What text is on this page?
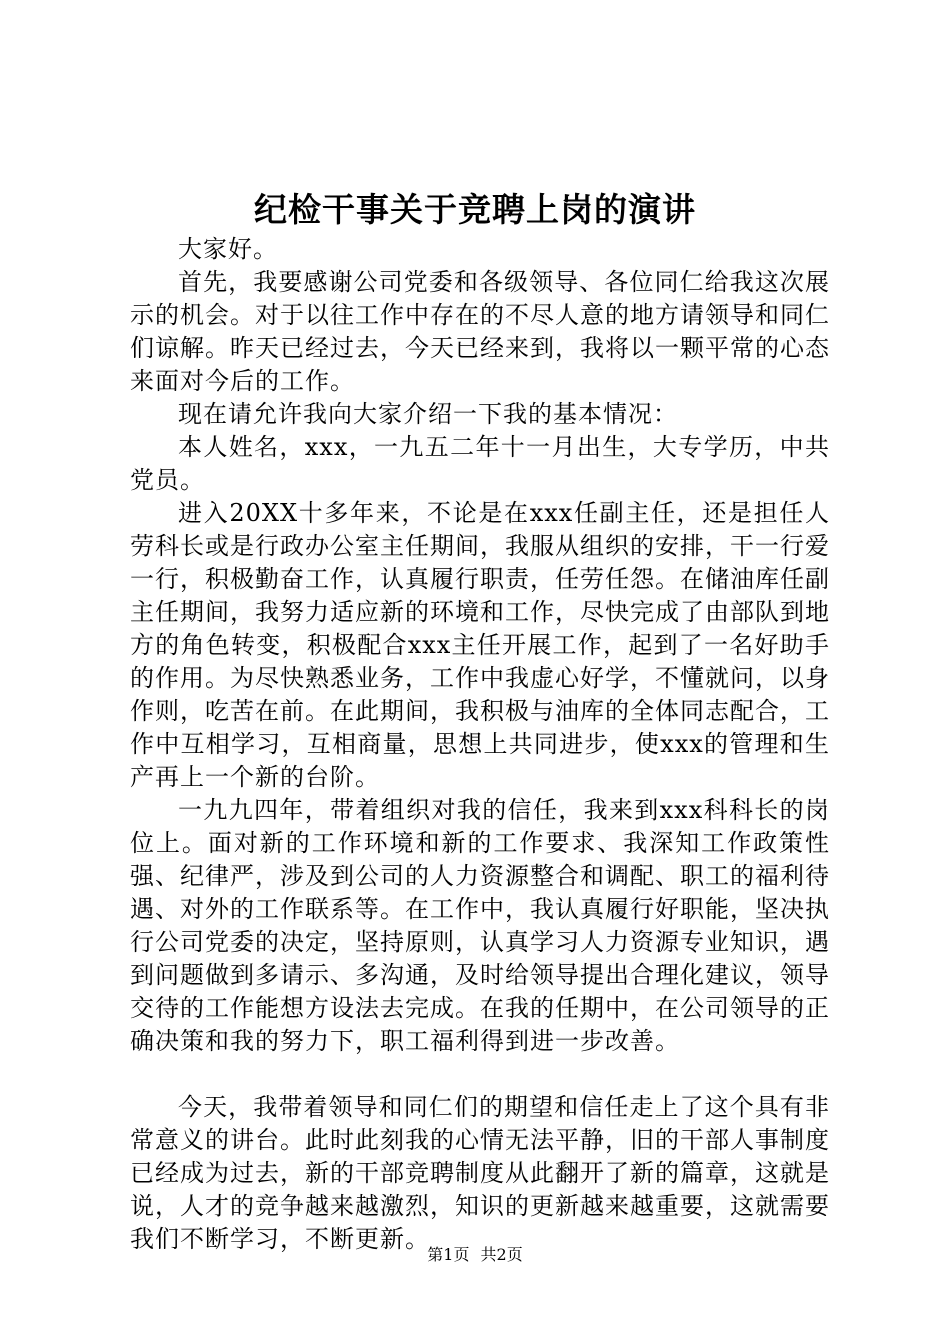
纪检干事关于竞聘上岗的演讲

大家好。

首先，我要感谢公司党委和各级领导、各位同仁给我这次展示的机会。对于以往工作中存在的不尽人意的地方请领导和同仁们谅解。昨天已经过去，今天已经来到，我将以一颗平常的心态来面对今后的工作。

现在请允许我向大家介绍一下我的基本情况：

本人姓名，xxx，一九五二年十一月出生，大专学历，中共党员。

进入20XX十多年来，不论是在xxx任副主任，还是担任人劳科长或是行政办公室主任期间，我服从组织的安排，干一行爱一行，积极勤奋工作，认真履行职责，任劳任怨。在储油库任副主任期间，我努力适应新的环境和工作，尽快完成了由部队到地方的角色转变，积极配合xxx主任开展工作，起到了一名好助手的作用。为尽快熟悉业务，工作中我虚心好学，不懂就问，以身作则，吃苦在前。在此期间，我积极与油库的全体同志配合，工作中互相学习，互相商量，思想上共同进步，使xxx的管理和生产再上一个新的台阶。

一九九四年，带着组织对我的信任，我来到xxx科科长的岗位上。面对新的工作环境和新的工作要求、我深知工作政策性强、纪律严，涉及到公司的人力资源整合和调配、职工的福利待遇、对外的工作联系等。在工作中，我认真履行好职能，坚决执行公司党委的决定，坚持原则，认真学习人力资源专业知识，遇到问题做到多请示、多沟通，及时给领导提出合理化建议，领导交待的工作能想方设法去完成。在我的任期中，在公司领导的正确决策和我的努力下，职工福利得到进一步改善。

今天，我带着领导和同仁们的期望和信任走上了这个具有非常意义的讲台。此时此刻我的心情无法平静，旧的干部人事制度已经成为过去，新的干部竞聘制度从此翻开了新的篇章，这就是说，人才的竞争越来越激烈，知识的更新越来越重要，这就需要我们不断学习，不断更新。

第1页 共2页
